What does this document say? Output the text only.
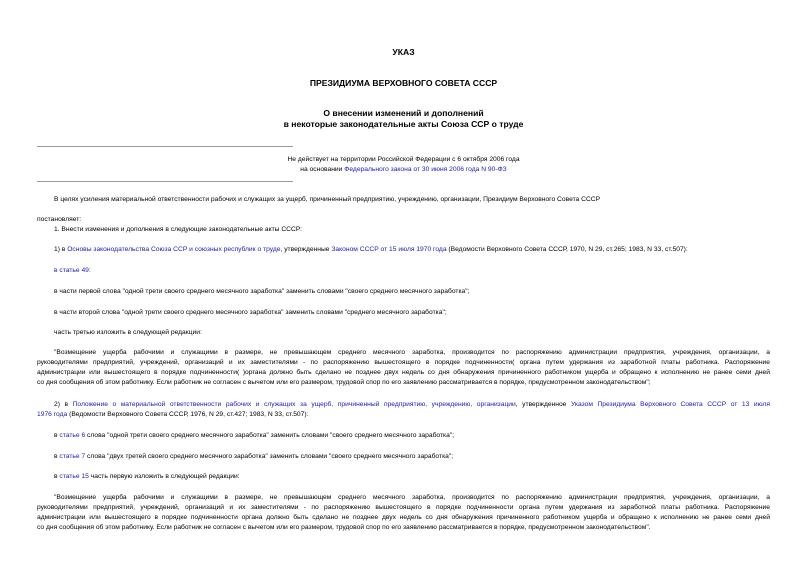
УКАЗ
ПРЕЗИДИУМА ВЕРХОВНОГО СОВЕТА СССР
О внесении изменений и дополнений
в некоторые законодательные акты Союза ССР о труде
Не действует на территории Российской Федерации с 6 октября 2006 года
на основании Федерального закона от 30 июня 2006 года N 90-ФЗ
В целях усиления материальной ответственности рабочих и служащих за ущерб, причиненный предприятию, учреждению, организации, Президиум Верховного Совета СССР
постановляет:
1. Внести изменения и дополнения в следующие законодательные акты СССР:
1) в Основы законодательства Союза ССР и союзных республик о труде, утвержденные Законом СССР от 15 июля 1970 года (Ведомости Верховного Совета СССР, 1970, N 29, ст.265; 1983, N 33, ст.507):
в статье 49:
в части первой слова "одной трети своего среднего месячного заработка" заменить словами "своего среднего месячного заработка";
в части второй слова "одной трети своего среднего месячного заработка" заменить словами "среднего месячного заработка";
часть третью изложить в следующей редакции:
"Возмещение ущерба рабочими и служащими в размере, не превышающем среднего месячного заработка, производится по распоряжению администрации предприятия, учреждения, организации, а
руководителями предприятий, учреждений, организаций и их заместителями - по распоряжению вышестоящего в порядке подчиненности( органа путем удержания из заработной платы работника. Распоряжение
администрации или вышестоящего в порядке подчиненности( )органа должно быть сделано не позднее двух недель со дня обнаружения причиненного работником ущерба и обращено к исполнению не ранее семи дней
со дня сообщения об этом работнику. Если работник не согласен с вычетом или его размером, трудовой спор по его заявлению рассматривается в порядке, предусмотренном законодательством";
2) в Положение о материальной ответственности рабочих и служащих за ущерб, причиненный предприятию, учреждению, организации, утвержденное Указом Президиума Верховного Совета СССР от 13 июля
1976 года (Ведомости Верховного Совета СССР, 1976, N 29, ст.427; 1983, N 33, ст.507):
в статье 6 слова "одной трети своего среднего месячного заработка" заменить словами "своего среднего месячного заработка";
в статье 7 слова "двух третей своего среднего месячного заработка" заменить словами "своего среднего месячного заработка";
в статье 15 часть первую изложить в следующей редакции:
"Возмещение ущерба рабочими и служащими в размере, не превышающем среднего месячного заработка, производится по распоряжению администрации предприятия, учреждения, организации, а
руководителями предприятий, учреждений, организаций и их заместителями - по распоряжению вышестоящего в порядке подчиненности органа путем удержания из заработной платы работника. Распоряжение
администрации или вышестоящего в порядке подчиненности органа должно быть сделано не позднее двух недель со дня обнаружения причиненного работником ущерба и обращено к исполнению не ранее семи дней
со дня сообщения об этом работнику. Если работник не согласен с вычетом или его размером, трудовой спор по его заявлению рассматривается в порядке, предусмотренном законодательством".
